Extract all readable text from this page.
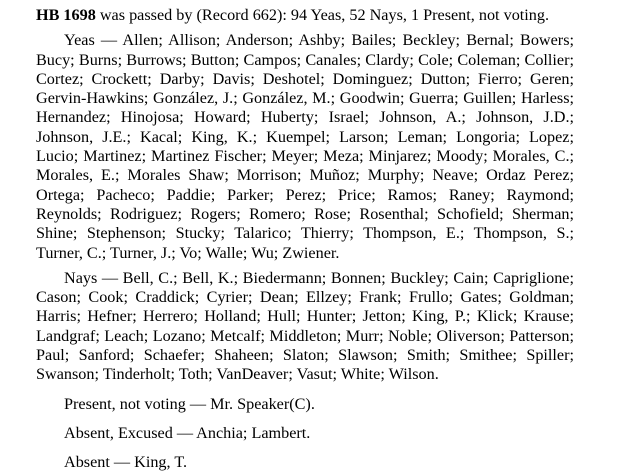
HB 1698 was passed by (Record 662): 94 Yeas, 52 Nays, 1 Present, not voting.

Yeas — Allen; Allison; Anderson; Ashby; Bailes; Beckley; Bernal; Bowers; Bucy; Burns; Burrows; Button; Campos; Canales; Clardy; Cole; Coleman; Collier; Cortez; Crockett; Darby; Davis; Deshotel; Dominguez; Dutton; Fierro; Geren; Gervin-Hawkins; González, J.; González, M.; Goodwin; Guerra; Guillen; Harless; Hernandez; Hinojosa; Howard; Huberty; Israel; Johnson, A.; Johnson, J.D.; Johnson, J.E.; Kacal; King, K.; Kuempel; Larson; Leman; Longoria; Lopez; Lucio; Martinez; Martinez Fischer; Meyer; Meza; Minjarez; Moody; Morales, C.; Morales, E.; Morales Shaw; Morrison; Muñoz; Murphy; Neave; Ordaz Perez; Ortega; Pacheco; Paddie; Parker; Perez; Price; Ramos; Raney; Raymond; Reynolds; Rodriguez; Rogers; Romero; Rose; Rosenthal; Schofield; Sherman; Shine; Stephenson; Stucky; Talarico; Thierry; Thompson, E.; Thompson, S.; Turner, C.; Turner, J.; Vo; Walle; Wu; Zwiener.

Nays — Bell, C.; Bell, K.; Biedermann; Bonnen; Buckley; Cain; Capriglione; Cason; Cook; Craddick; Cyrier; Dean; Ellzey; Frank; Frullo; Gates; Goldman; Harris; Hefner; Herrero; Holland; Hull; Hunter; Jetton; King, P.; Klick; Krause; Landgraf; Leach; Lozano; Metcalf; Middleton; Murr; Noble; Oliverson; Patterson; Paul; Sanford; Schaefer; Shaheen; Slaton; Slawson; Smith; Smithee; Spiller; Swanson; Tinderholt; Toth; VanDeaver; Vasut; White; Wilson.

Present, not voting — Mr. Speaker(C).

Absent, Excused — Anchia; Lambert.

Absent — King, T.
